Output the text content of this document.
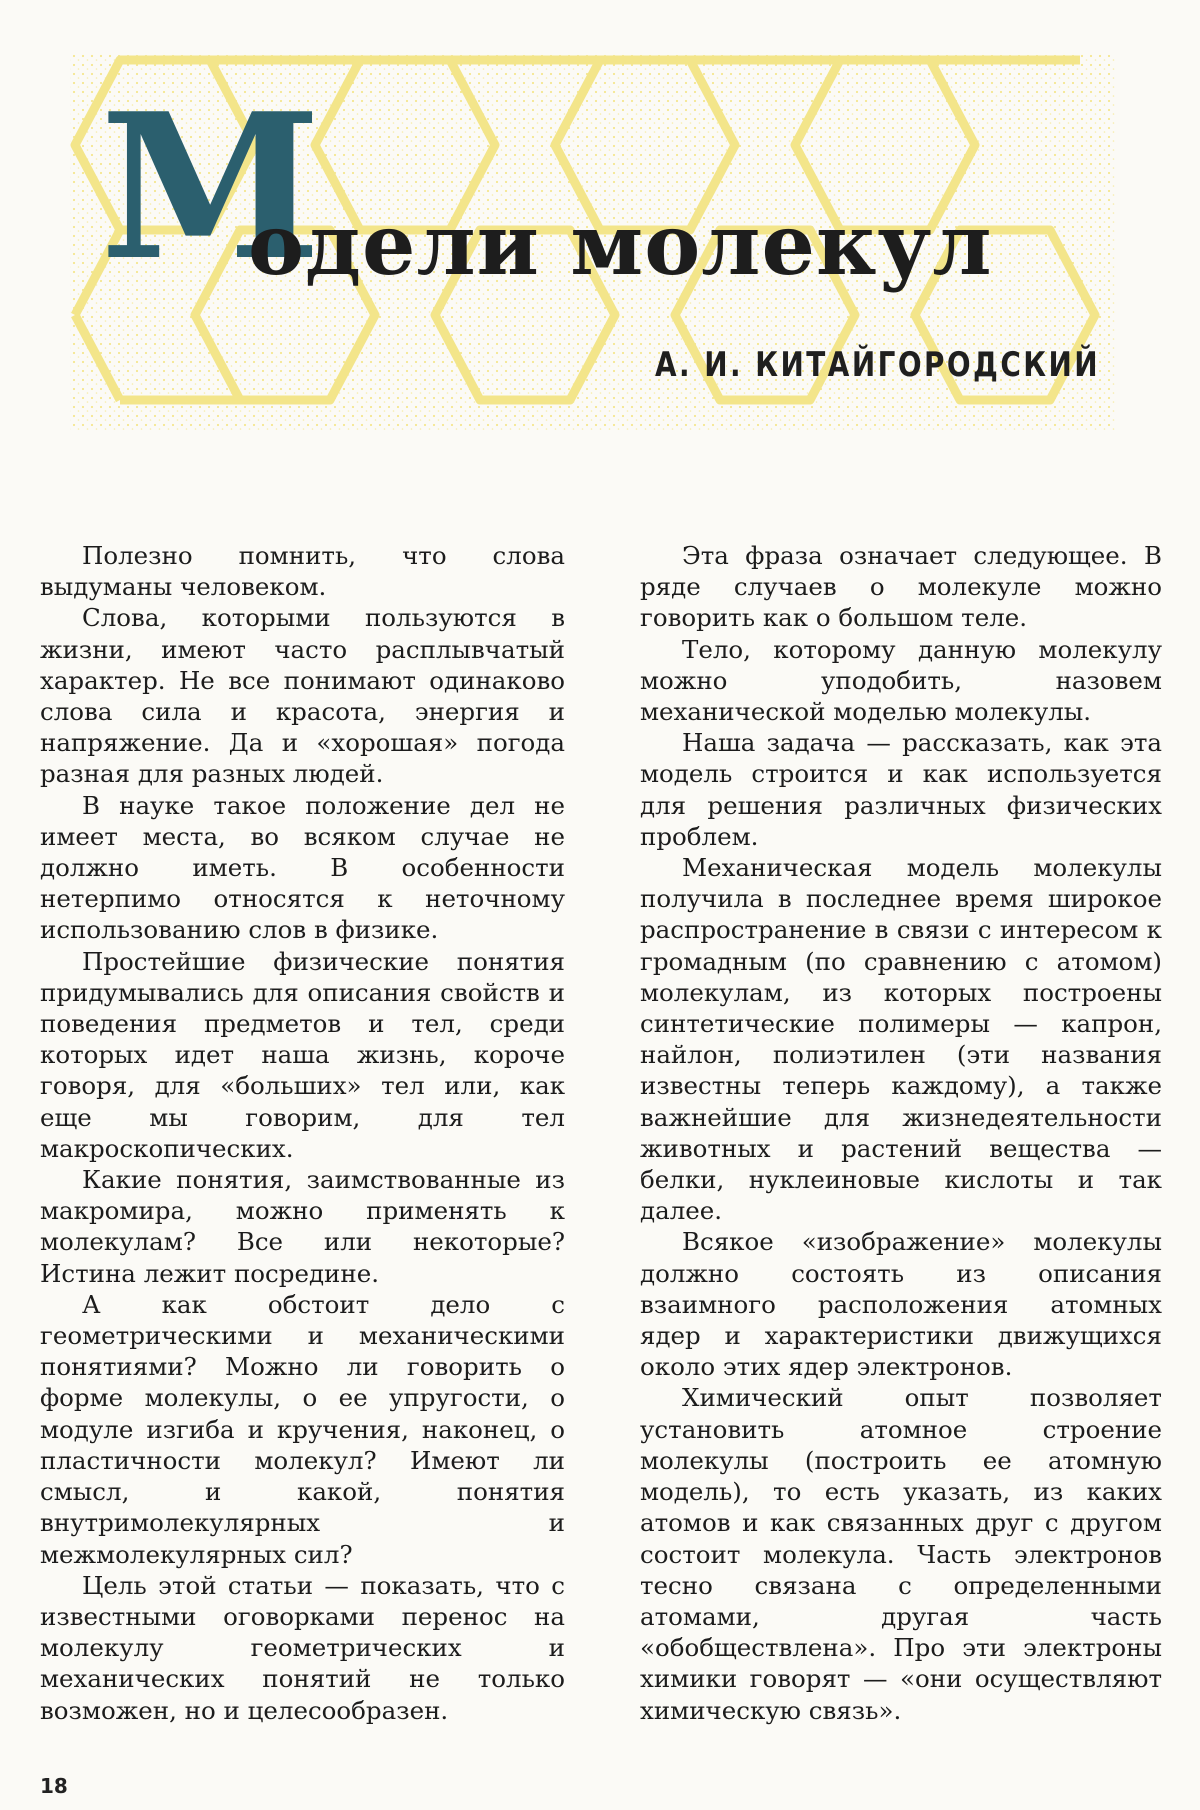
М
одели молекул
А. И. КИТАЙГОРОДСКИЙ

Полезно помнить, что слова выдуманы человеком.

Слова, которыми пользуются в жизни, имеют часто расплывчатый характер. Не все понимают одинаково слова сила и красота, энергия и напряжение. Да и «хорошая» погода разная для разных людей.

В науке такое положение дел не имеет места, во всяком случае не должно иметь. В особенности нетерпимо относятся к неточному использованию слов в физике.

Простейшие физические понятия придумывались для описания свойств и поведения предметов и тел, среди которых идет наша жизнь, короче говоря, для «больших» тел или, как еще мы говорим, для тел макроскопических.

Какие понятия, заимствованные из макромира, можно применять к молекулам? Все или некоторые? Истина лежит посредине.

А как обстоит дело с геометрическими и механическими понятиями? Можно ли говорить о форме молекулы, о ее упругости, о модуле изгиба и кручения, наконец, о пластичности молекул? Имеют ли смысл, и какой, понятия внутримолекулярных и межмолекулярных сил?

Цель этой статьи — показать, что с известными оговорками перенос на молекулу геометрических и механических понятий не только возможен, но и целесообразен.

Эта фраза означает следующее. В ряде случаев о молекуле можно говорить как о большом теле.

Тело, которому данную молекулу можно уподобить, назовем механической моделью молекулы.

Наша задача — рассказать, как эта модель строится и как используется для решения различных физических проблем.

Механическая модель молекулы получила в последнее время широкое распространение в связи с интересом к громадным (по сравнению с атомом) молекулам, из которых построены синтетические полимеры — капрон, найлон, полиэтилен (эти названия известны теперь каждому), а также важнейшие для жизнедеятельности животных и растений вещества — белки, нуклеиновые кислоты и так далее.

Всякое «изображение» молекулы должно состоять из описания взаимного расположения атомных ядер и характеристики движущихся около этих ядер электронов.

Химический опыт позволяет установить атомное строение молекулы (построить ее атомную модель), то есть указать, из каких атомов и как связанных друг с другом состоит молекула. Часть электронов тесно связана с определенными атомами, другая часть «обобществлена». Про эти электроны химики говорят — «они осуществляют химическую связь».

18
